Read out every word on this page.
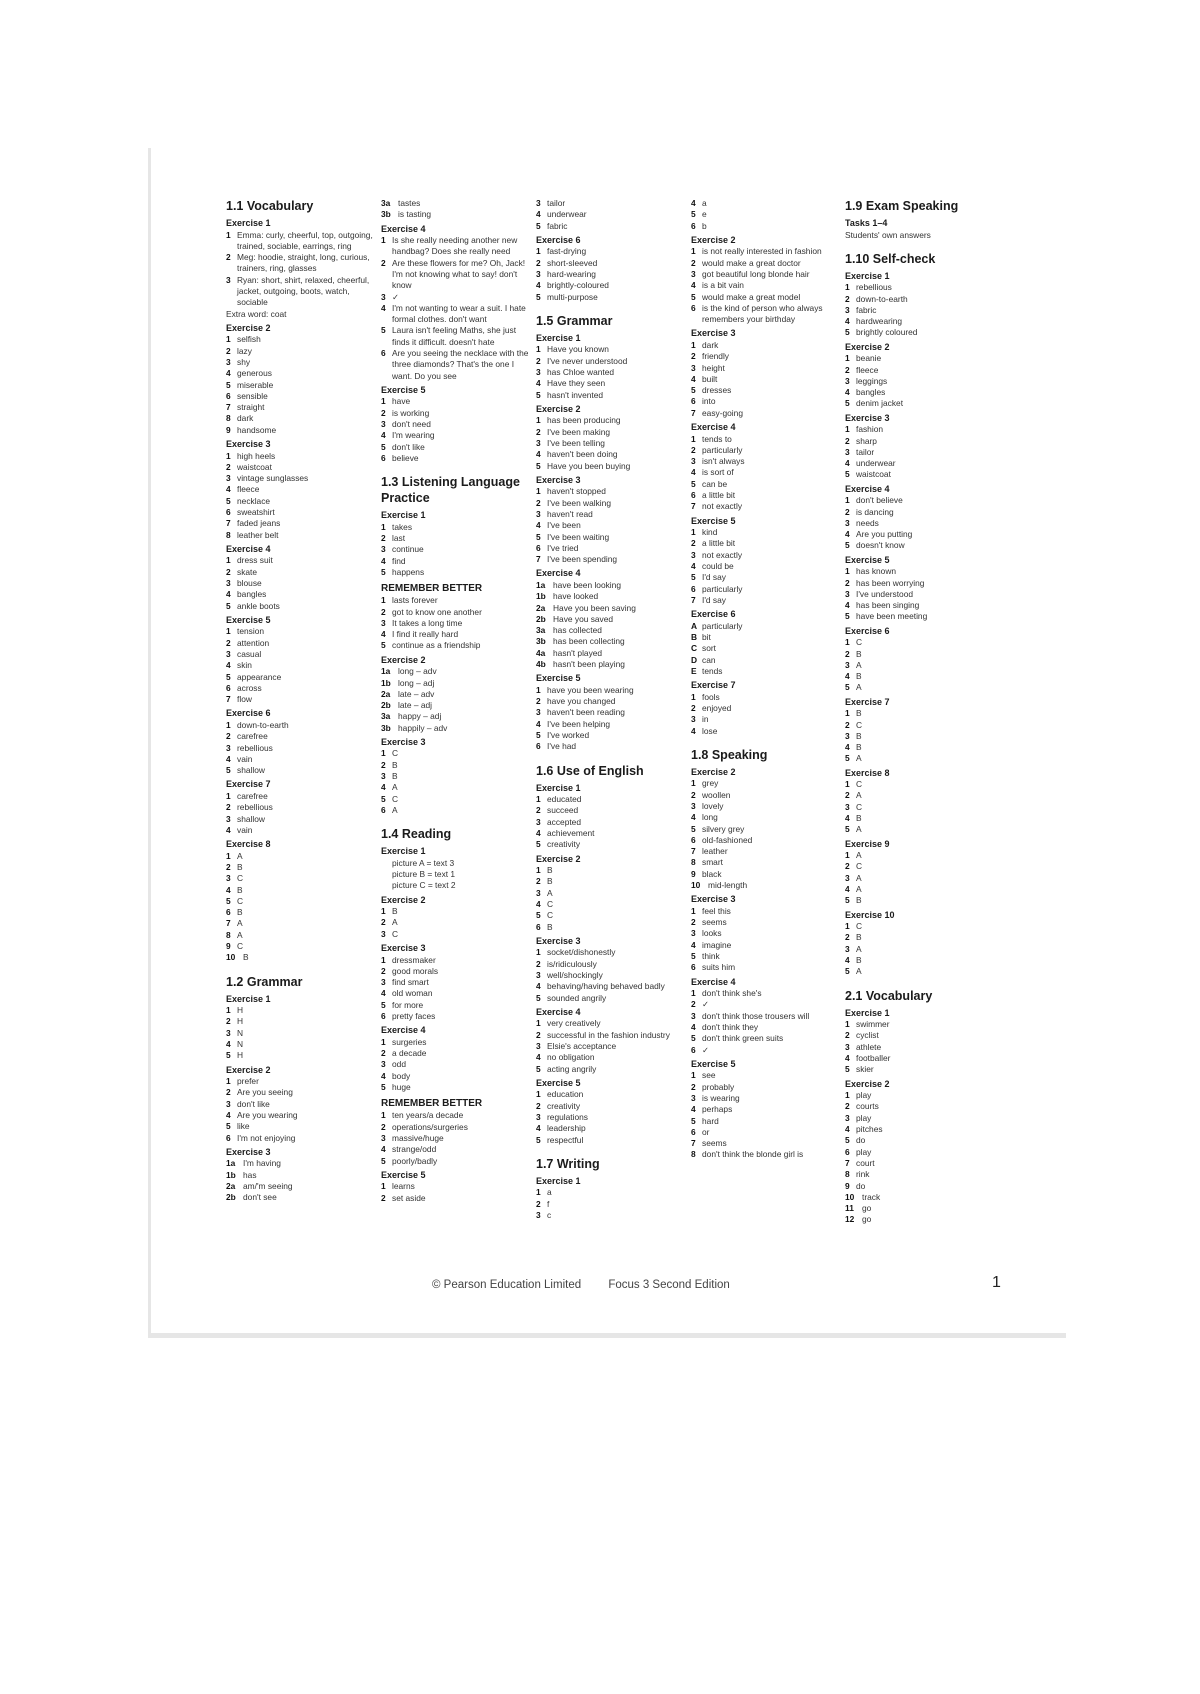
1.1 Vocabulary
Exercise 1
1 Emma: curly, cheerful, top, outgoing, trained, sociable, earrings, ring
2 Meg: hoodie, straight, long, curious, trainers, ring, glasses
3 Ryan: short, shirt, relaxed, cheerful, jacket, outgoing, boots, watch, sociable
Extra word: coat
Exercise 2
1 selfish
2 lazy
3 shy
4 generous
5 miserable
6 sensible
7 straight
8 dark
9 handsome
Exercise 3
1 high heels
2 waistcoat
3 vintage sunglasses
4 fleece
5 necklace
6 sweatshirt
7 faded jeans
8 leather belt
Exercise 4
1 dress suit
2 skate
3 blouse
4 bangles
5 ankle boots
Exercise 5
1 tension
2 attention
3 casual
4 skin
5 appearance
6 across
7 flow
Exercise 6
1 down-to-earth
2 carefree
3 rebellious
4 vain
5 shallow
Exercise 7
1 carefree
2 rebellious
3 shallow
4 vain
Exercise 8
1 A
2 B
3 C
4 B
5 C
6 B
7 A
8 A
9 C
10 B
1.2 Grammar
Exercise 1
1 H
2 H
3 N
4 N
5 H
Exercise 2
1 prefer
2 Are you seeing
3 don't like
4 Are you wearing
5 like
6 I'm not enjoying
Exercise 3
1a I'm having
1b has
2a am/'m seeing
2b don't see
3a tastes
3b is tasting
Exercise 4
1 Is she really needing another new handbag? Does she really need
2 Are these flowers for me? Oh, Jack! I'm not knowing what to say! don't know
3 ✓
4 I'm not wanting to wear a suit. I hate formal clothes. don't want
5 Laura isn't feeling Maths, she just finds it difficult. doesn't hate
6 Are you seeing the necklace with the three diamonds? That's the one I want. Do you see
Exercise 5
1 have
2 is working
3 don't need
4 I'm wearing
5 don't like
6 believe
1.3 Listening Language Practice
Exercise 1
1 takes
2 last
3 continue
4 find
5 happens
REMEMBER BETTER
1 lasts forever
2 got to know one another
3 It takes a long time
4 I find it really hard
5 continue as a friendship
Exercise 2
1a long – adv
1b long – adj
2a late – adv
2b late – adj
3a happy – adj
3b happily – adv
Exercise 3
1 C
2 B
3 B
4 A
5 C
6 A
1.4 Reading
Exercise 1
picture A = text 3
picture B = text 1
picture C = text 2
Exercise 2
1 B
2 A
3 C
Exercise 3
1 dressmaker
2 good morals
3 find smart
4 old woman
5 for more
6 pretty faces
Exercise 4
1 surgeries
2 a decade
3 odd
4 body
5 huge
REMEMBER BETTER
1 ten years/a decade
2 operations/surgeries
3 massive/huge
4 strange/odd
5 poorly/badly
Exercise 5
1 learns
2 set aside
3 tailor
4 underwear
5 fabric
Exercise 6
1 fast-drying
2 short-sleeved
3 hard-wearing
4 brightly-coloured
5 multi-purpose
1.5 Grammar
Exercise 1
1 Have you known
2 I've never understood
3 has Chloe wanted
4 Have they seen
5 hasn't invented
Exercise 2
1 has been producing
2 I've been making
3 I've been telling
4 haven't been doing
5 Have you been buying
Exercise 3
1 haven't stopped
2 I've been walking
3 haven't read
4 I've been
5 I've been waiting
6 I've tried
7 I've been spending
Exercise 4
1a have been looking
1b have looked
2a Have you been saving
2b Have you saved
3a has collected
3b has been collecting
4a hasn't played
4b hasn't been playing
Exercise 5
1 have you been wearing
2 have you changed
3 haven't been reading
4 I've been helping
5 I've worked
6 I've had
1.6 Use of English
Exercise 1
1 educated
2 succeed
3 accepted
4 achievement
5 creativity
Exercise 2
1 B
2 B
3 A
4 C
5 C
6 B
Exercise 3
1 socket/dishonestly
2 is/ridiculously
3 well/shockingly
4 behaving/having behaved badly
5 sounded angrily
Exercise 4
1 very creatively
2 successful in the fashion industry
3 Elsie's acceptance
4 no obligation
5 acting angrily
Exercise 5
1 education
2 creativity
3 regulations
4 leadership
5 respectful
1.7 Writing
Exercise 1
1 a
2 f
3 c
4 a
5 e
6 b
Exercise 2
1 is not really interested in fashion
2 would make a great doctor
3 got beautiful long blonde hair
4 is a bit vain
5 would make a great model
6 is the kind of person who always remembers your birthday
Exercise 3
1 dark
2 friendly
3 height
4 built
5 dresses
6 into
7 easy-going
Exercise 4
1 tends to
2 particularly
3 isn't always
4 is sort of
5 can be
6 a little bit
7 not exactly
Exercise 5
1 kind
2 a little bit
3 not exactly
4 could be
5 I'd say
6 particularly
7 I'd say
Exercise 6
A particularly
B bit
C sort
D can
E tends
Exercise 7
1 fools
2 enjoyed
3 in
4 lose
1.8 Speaking
Exercise 2
1 grey
2 woollen
3 lovely
4 long
5 silvery grey
6 old-fashioned
7 leather
8 smart
9 black
10 mid-length
Exercise 3
1 feel this
2 seems
3 looks
4 imagine
5 think
6 suits him
Exercise 4
1 don't think she's
2 ✓
3 don't think those trousers will
4 don't think they
5 don't think green suits
6 ✓
Exercise 5
1 see
2 probably
3 is wearing
4 perhaps
5 hard
6 or
7 seems
8 don't think the blonde girl is
1.9 Exam Speaking
Tasks 1–4
Students' own answers
1.10 Self-check
Exercise 1
1 rebellious
2 down-to-earth
3 fabric
4 hardwearing
5 brightly coloured
Exercise 2
1 beanie
2 fleece
3 leggings
4 bangles
5 denim jacket
Exercise 3
1 fashion
2 sharp
3 tailor
4 underwear
5 waistcoat
Exercise 4
1 don't believe
2 is dancing
3 needs
4 Are you putting
5 doesn't know
Exercise 5
1 has known
2 has been worrying
3 I've understood
4 has been singing
5 have been meeting
Exercise 6
1 C
2 B
3 A
4 B
5 A
Exercise 7
1 B
2 C
3 B
4 B
5 A
Exercise 8
1 C
2 A
3 C
4 B
5 A
Exercise 9
1 A
2 C
3 A
4 A
5 B
Exercise 10
1 C
2 B
3 A
4 B
5 A
2.1 Vocabulary
Exercise 1
1 swimmer
2 cyclist
3 athlete
4 footballer
5 skier
Exercise 2
1 play
2 courts
3 play
4 pitches
5 do
6 play
7 court
8 rink
9 do
10 track
11 go
12 go
© Pearson Education Limited Focus 3 Second Edition	1
